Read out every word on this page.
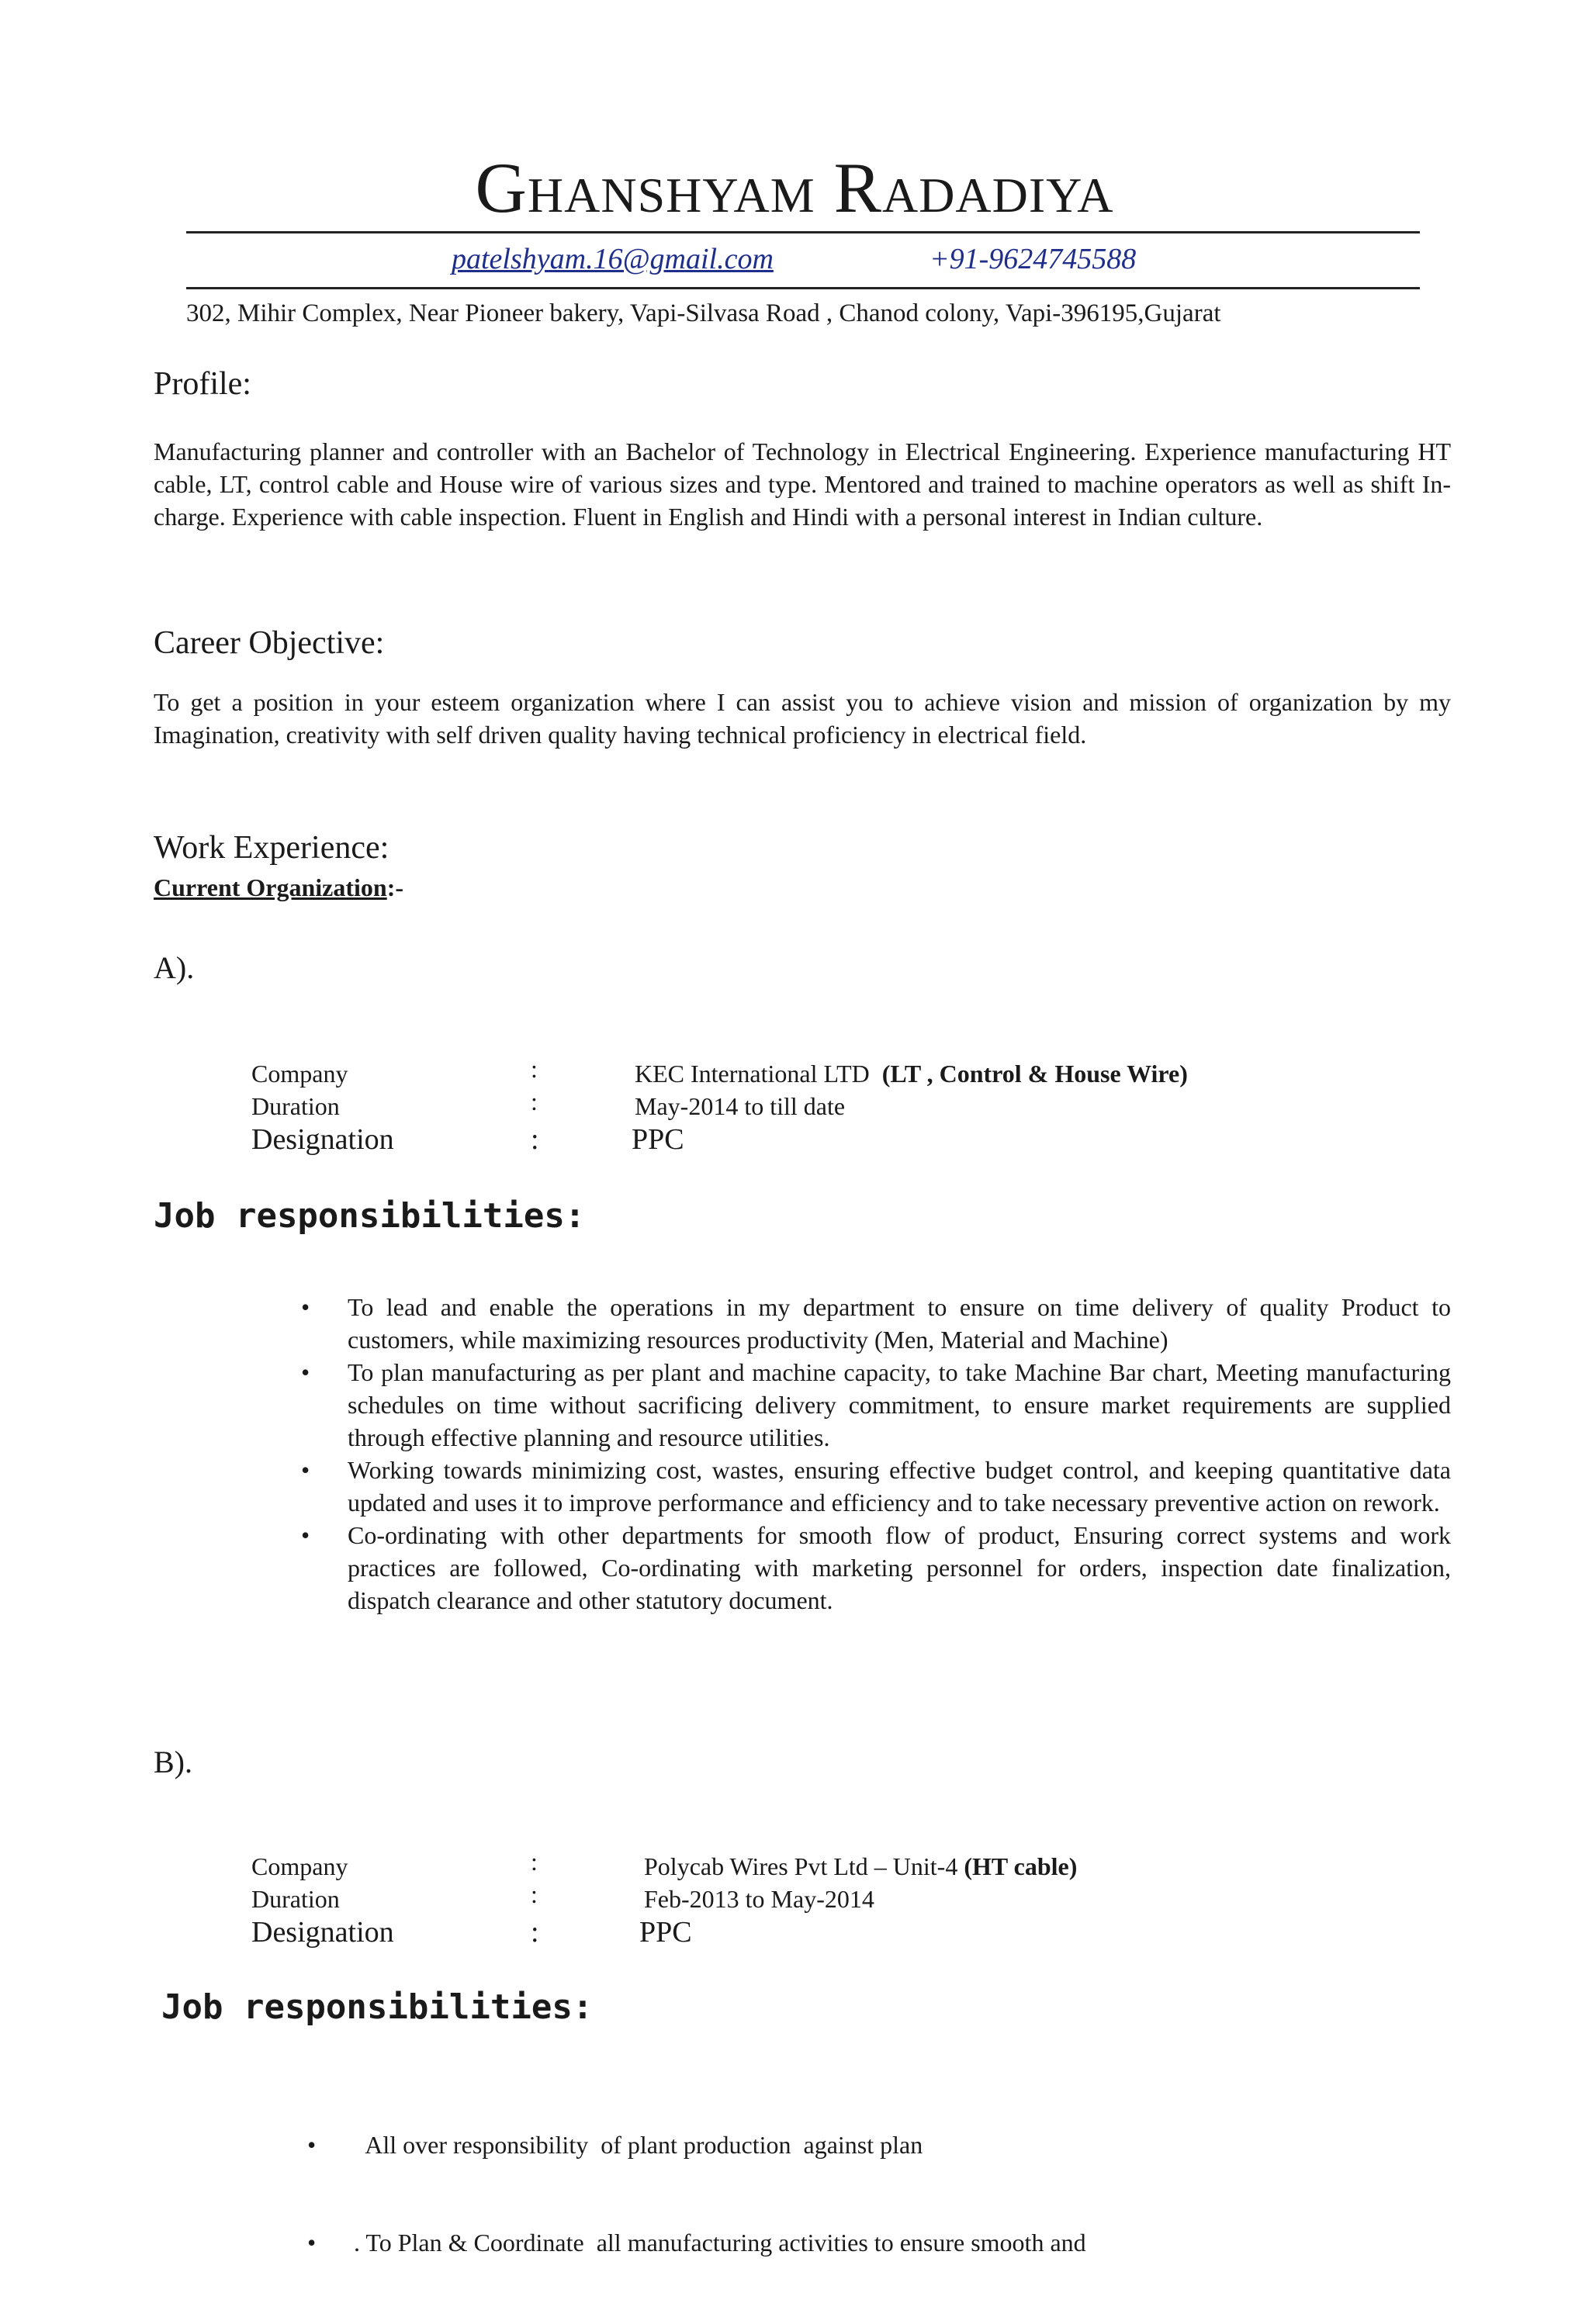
Ghanshyam Radadiya
patelshyam.16@gmail.com	+91-9624745588
302, Mihir Complex, Near Pioneer bakery, Vapi-Silvasa Road , Chanod colony, Vapi-396195,Gujarat
Profile:

Manufacturing planner and controller with an Bachelor of Technology in Electrical Engineering. Experience manufacturing HT cable, LT, control cable and House wire of various sizes and type. Mentored and trained to machine operators as well as shift In-charge. Experience with cable inspection. Fluent in English and Hindi with a personal interest in Indian culture.

Career Objective:

To get a position in your esteem organization where I can assist you to achieve vision and mission of organization by my Imagination, creativity with self driven quality having technical proficiency in electrical field.

Work Experience:
Current Organization:-
A).
Company	:	KEC International LTD (LT , Control & House Wire)
Duration	:	May-2014 to till date
Designation	:	PPC
Job responsibilities:
• To lead and enable the operations in my department to ensure on time delivery of quality Product to customers, while maximizing resources productivity (Men, Material and Machine)
• To plan manufacturing as per plant and machine capacity, to take Machine Bar chart, Meeting manufacturing schedules on time without sacrificing delivery commitment, to ensure market requirements are supplied through effective planning and resource utilities.
• Working towards minimizing cost, wastes, ensuring effective budget control, and keeping quantitative data updated and uses it to improve performance and efficiency and to take necessary preventive action on rework.
• Co-ordinating with other departments for smooth flow of product, Ensuring correct systems and work practices are followed, Co-ordinating with marketing personnel for orders, inspection date finalization, dispatch clearance and other statutory document.
B).
Company	:	Polycab Wires Pvt Ltd – Unit-4 (HT cable)
Duration	:	Feb-2013 to May-2014
Designation	:	PPC
Job responsibilities:

•   All over responsibility  of plant production  against plan

• . To Plan & Coordinate  all manufacturing activities to ensure smooth and
